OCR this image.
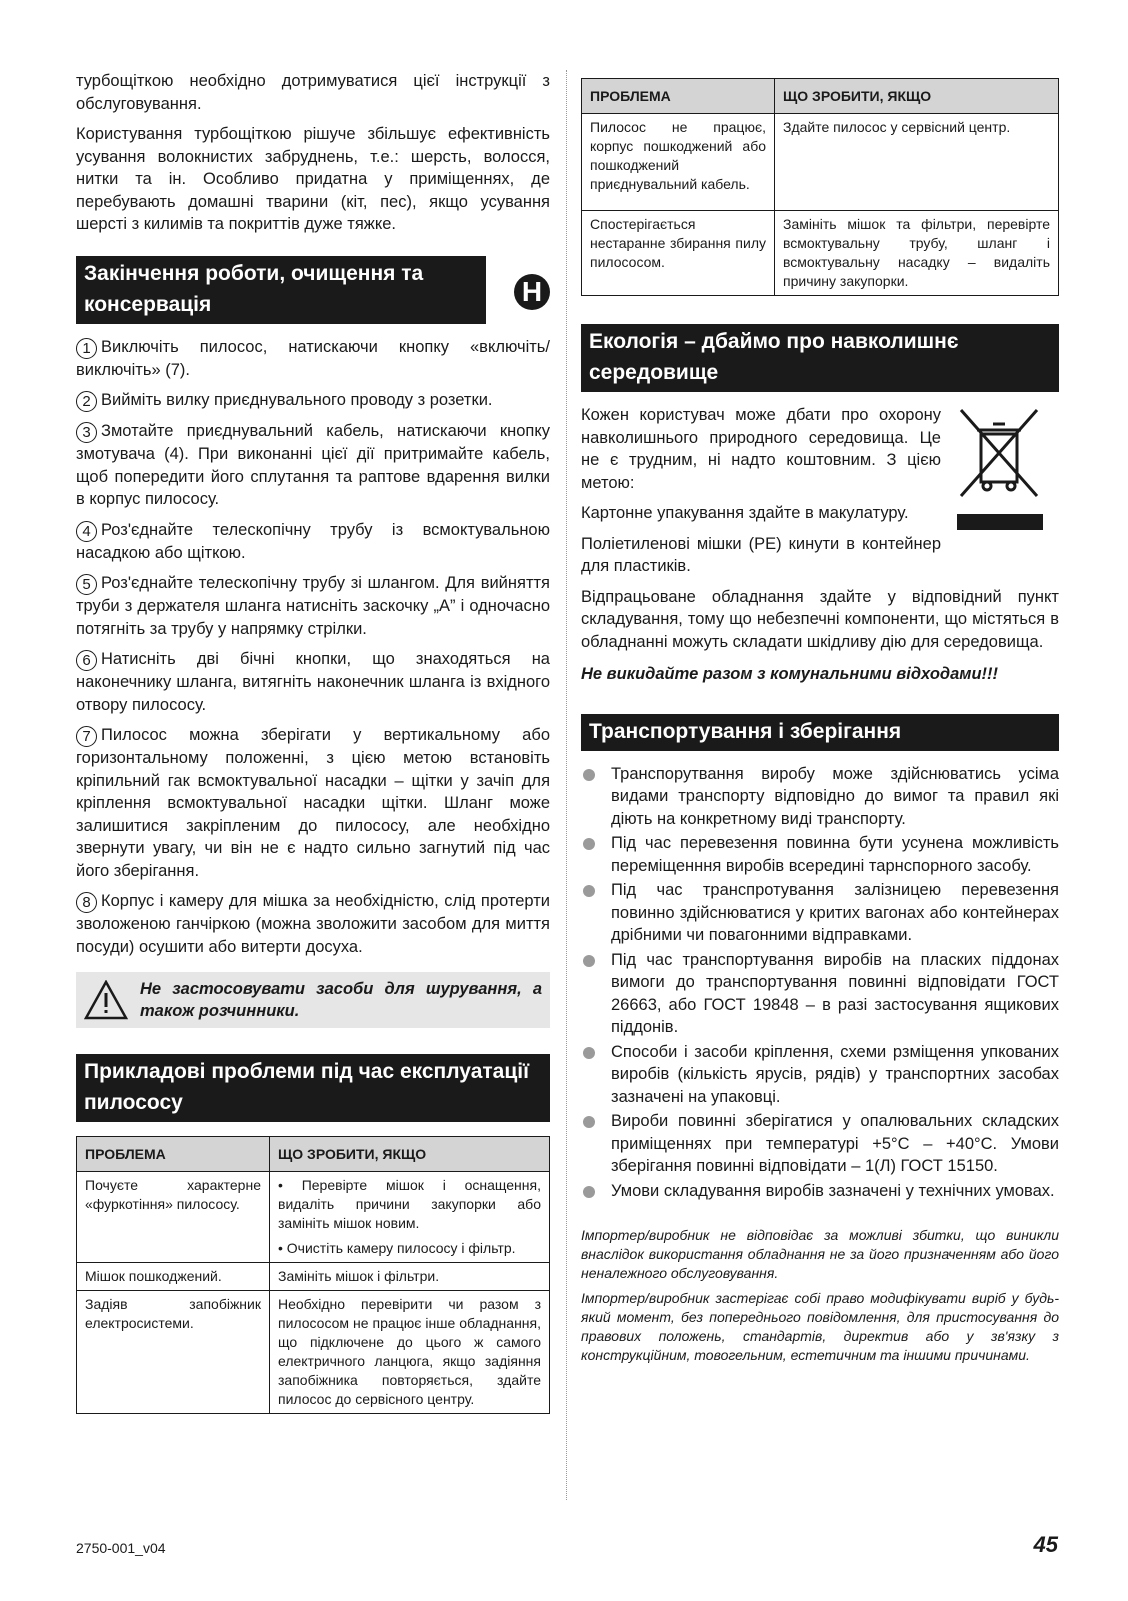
турбощіткою необхідно дотримуватися цієї інструкції з обслуговування.

Користування турбощіткою рішуче збільшує ефективність усування волокнистих забруднень, т.е.: шерсть, волосся, нитки та ін. Особливо придатна у приміщеннях, де перебувають домашні тварини (кіт, пес), якщо усування шерсті з килимів та покриттів дуже тяжке.

Закінчення роботи, очищення та консервація	H
1 Виключіть пилосос, натискаючи кнопку «включіть/виключіть» (7).
2 Вийміть вилку приєднувального проводу з розетки.
3 Змотайте приєднувальний кабель, натискаючи кнопку змотувача (4). При виконанні цієї дії притримайте кабель, щоб попередити його сплутання та раптове вдарення вилки в корпус пилососу.
4 Роз'єднайте телескопічну трубу із всмоктувальною насадкою або щіткою.
5 Роз'єднайте телескопічну трубу зі шлангом. Для вийняття труби з держателя шланга натисніть заскочку „A” і одночасно потягніть за трубу у напрямку стрілки.
6 Натисніть дві бічні кнопки, що знаходяться на наконечнику шланга, витягніть наконечник шланга із вхідного отвору пилососу.
7 Пилосос можна зберігати у вертикальному або горизонтальному положенні, з цією метою встановіть кріпильний гак всмоктувальної насадки – щітки у зачіп для кріплення всмоктувальної насадки щітки. Шланг може залишитися закріпленим до пилососу, але необхідно звернути увагу, чи він не є надто сильно загнутий під час його зберігання.
8 Корпус і камеру для мішка за необхідністю, слід протерти зволоженою ганчіркою (можна зволожити засобом для миття посуди) осушити або витерти досуха.
Не застосовувати засоби для шурування, а також розчинники.
Прикладові проблеми під час експлуатації пилососу
ПРОБЛЕМА	ЩО ЗРОБИТИ, ЯКЩО
Почуєте характерне «фуркотіння» пилососу.	• Перевірте мішок і оснащення, видаліть причини закупорки або замініть мішок новим.
• Очистіть камеру пилососу і фільтр.

Мішок пошкоджений.	Замініть мішок і фільтри.
Задіяв запобіжник електросистеми.	Необхідно перевірити чи разом з пилососом не працює інше обладнання, що підключене до цього ж самого електричного ланцюга, якщо задіяння запобіжника повторяється, здайте пилосос до сервісного центру.
ПРОБЛЕМА	ЩО ЗРОБИТИ, ЯКЩО
Пилосос не працює, корпус пошкоджений або пошкоджений приєднувальний кабель.	Здайте пилосос у сервісний центр.
Спостерігається нестаранне збирання пилу пилососом.	Замініть мішок та фільтри, перевірте всмоктувальну трубу, шланг і всмоктувальну насадку – видаліть причину закупорки.
Екологія – дбаймо про навколишнє середовище

Кожен користувач може дбати про охорону навколишнього природного середовища. Це не є трудним, ні надто коштовним. З цією метою:

Картонне упакування здайте в макулатуру.

Поліетиленові мішки (PE) кинути в контейнер для пластиків.

Відпрацьоване обладнання здайте у відповідний пункт складування, тому що небезпечні компоненти, що містяться в обладнанні можуть складати шкідливу дію для середовища.

Не викидайте разом з комунальними відходами!!!

Транспортування і зберігання
Транспорутвання виробу може здійснюватись усіма видами транспорту відповідно до вимог та правил які діють на конкретному виді транспорту.
Під час перевезення повинна бути усунена можливість переміщенння виробів всередині тарнспорного засобу.
Під час транспротування залізницею перевезення повинно здійснюватися у критих вагонах або контейнерах дрібними чи повагонними відправками.
Під час транспортування виробів на пласких піддонах вимоги до транспортування повинні відповідати ГОСТ 26663, або ГОСТ 19848 – в разі застосування ящикових піддонів.
Способи і засоби кріплення, схеми рзміщення упкованих виробів (кількість ярусів, рядів) у транспортних засобах зазначені на упаковці.
Вироби повинні зберігатися у опалювальних складских приміщеннях при температурі +5°С – +40°С. Умови зберігання повинні відповідати – 1(Л) ГОСТ 15150.
Умови складування виробів зазначені у технічних умовах.

Імпортер/виробник не відповідає за можливі збитки, що виникли внаслідок використання обладнання не за його призначенням або його неналежного обслуговування.

Імпортер/виробник застерігає собі право модифікувати виріб у будь-який момент, без попереднього повідомлення, для пристосування до правових положень, стандартів, директив або у зв'язку з конструкційним, товогельним, естетичним та іншими причинами.

2750-001_v04	45
